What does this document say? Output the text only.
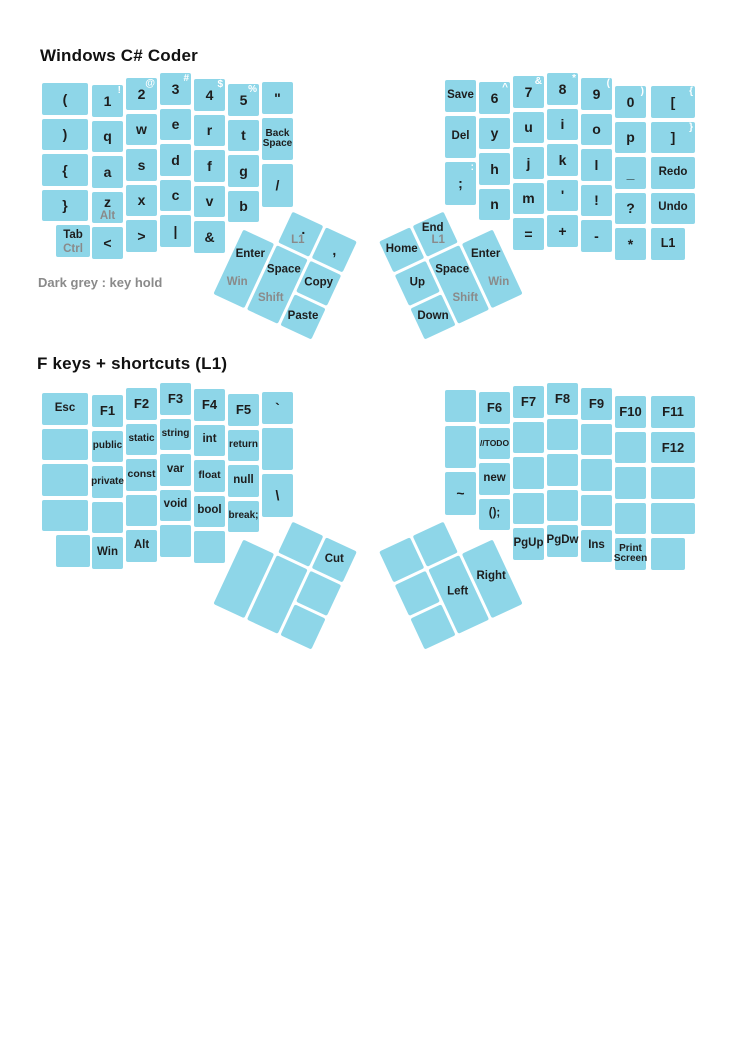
Windows C# Coder
Dark grey : key hold
F keys + shortcuts (L1)
(
)
{
}
Tab
Ctrl
1
!
q
a
z
Alt
<
2
@
w
s
x
>
3
#
e
d
c
|
4
$
r
f
v
&
5
%
t
g
b
"
Back Space
/
Save
Del
;
:
6
^
y
h
n
7
&
u
j
m
=
8
*
i
k
'
+
9
(
o
l
!
-
0
)
p
_
?
*
[
{
]
}
Redo
Undo
L1
.
L1
,
Enter
Win
Space
Shift
Copy
Paste
Home
End
L1
Up
Down
Space
Shift
Enter
Win
Esc F1
public
private
Win
F2
static
const
Alt
F3
string
var
void
F4
int
float
bool
F5
return
null
break;
`
\	~
F6
//TODO
new
();
F7
PgUp
F8
PgDw
F9
Ins
F10
Print Screen
F11
F12
Cut
Left
Right
